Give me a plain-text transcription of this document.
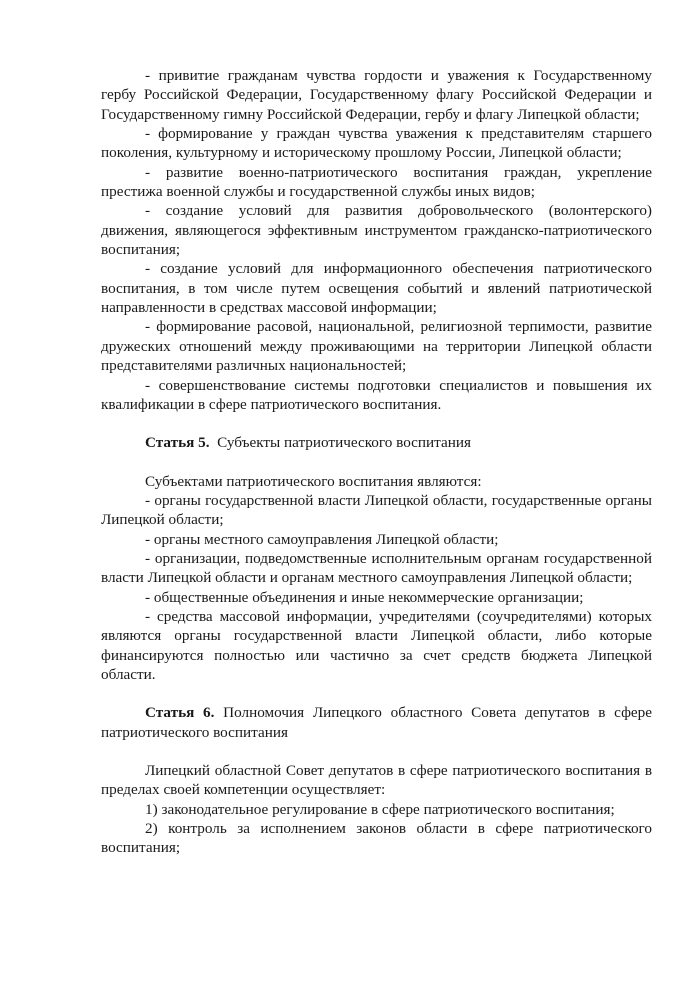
- привитие гражданам чувства гордости и уважения к Государственному гербу Российской Федерации, Государственному флагу Российской Федерации и Государственному гимну Российской Федерации, гербу и флагу Липецкой области;

- формирование у граждан чувства уважения к представителям старшего поколения, культурному и историческому прошлому России, Липецкой области;

- развитие военно-патриотического воспитания граждан, укрепление престижа военной службы и государственной службы иных видов;

- создание условий для развития добровольческого (волонтерского) движения, являющегося эффективным инструментом гражданско-патриотического воспитания;

- создание условий для информационного обеспечения патриотического воспитания, в том числе путем освещения событий и явлений патриотической направленности в средствах массовой информации;

- формирование расовой, национальной, религиозной терпимости, развитие дружеских отношений между проживающими на территории Липецкой области представителями различных национальностей;

- совершенствование системы подготовки специалистов и повышения их квалификации в сфере патриотического воспитания.

Статья 5. Субъекты патриотического воспитания

Субъектами патриотического воспитания являются:

- органы государственной власти Липецкой области, государственные органы Липецкой области;

- органы местного самоуправления Липецкой области;

- организации, подведомственные исполнительным органам государственной власти Липецкой области и органам местного самоуправления Липецкой области;

- общественные объединения и иные некоммерческие организации;

- средства массовой информации, учредителями (соучредителями) которых являются органы государственной власти Липецкой области, либо которые финансируются полностью или частично за счет средств бюджета Липецкой области.

Статья 6. Полномочия Липецкого областного Совета депутатов в сфере патриотического воспитания

Липецкий областной Совет депутатов в сфере патриотического воспитания в пределах своей компетенции осуществляет:

1) законодательное регулирование в сфере патриотического воспитания;

2) контроль за исполнением законов области в сфере патриотического воспитания;
